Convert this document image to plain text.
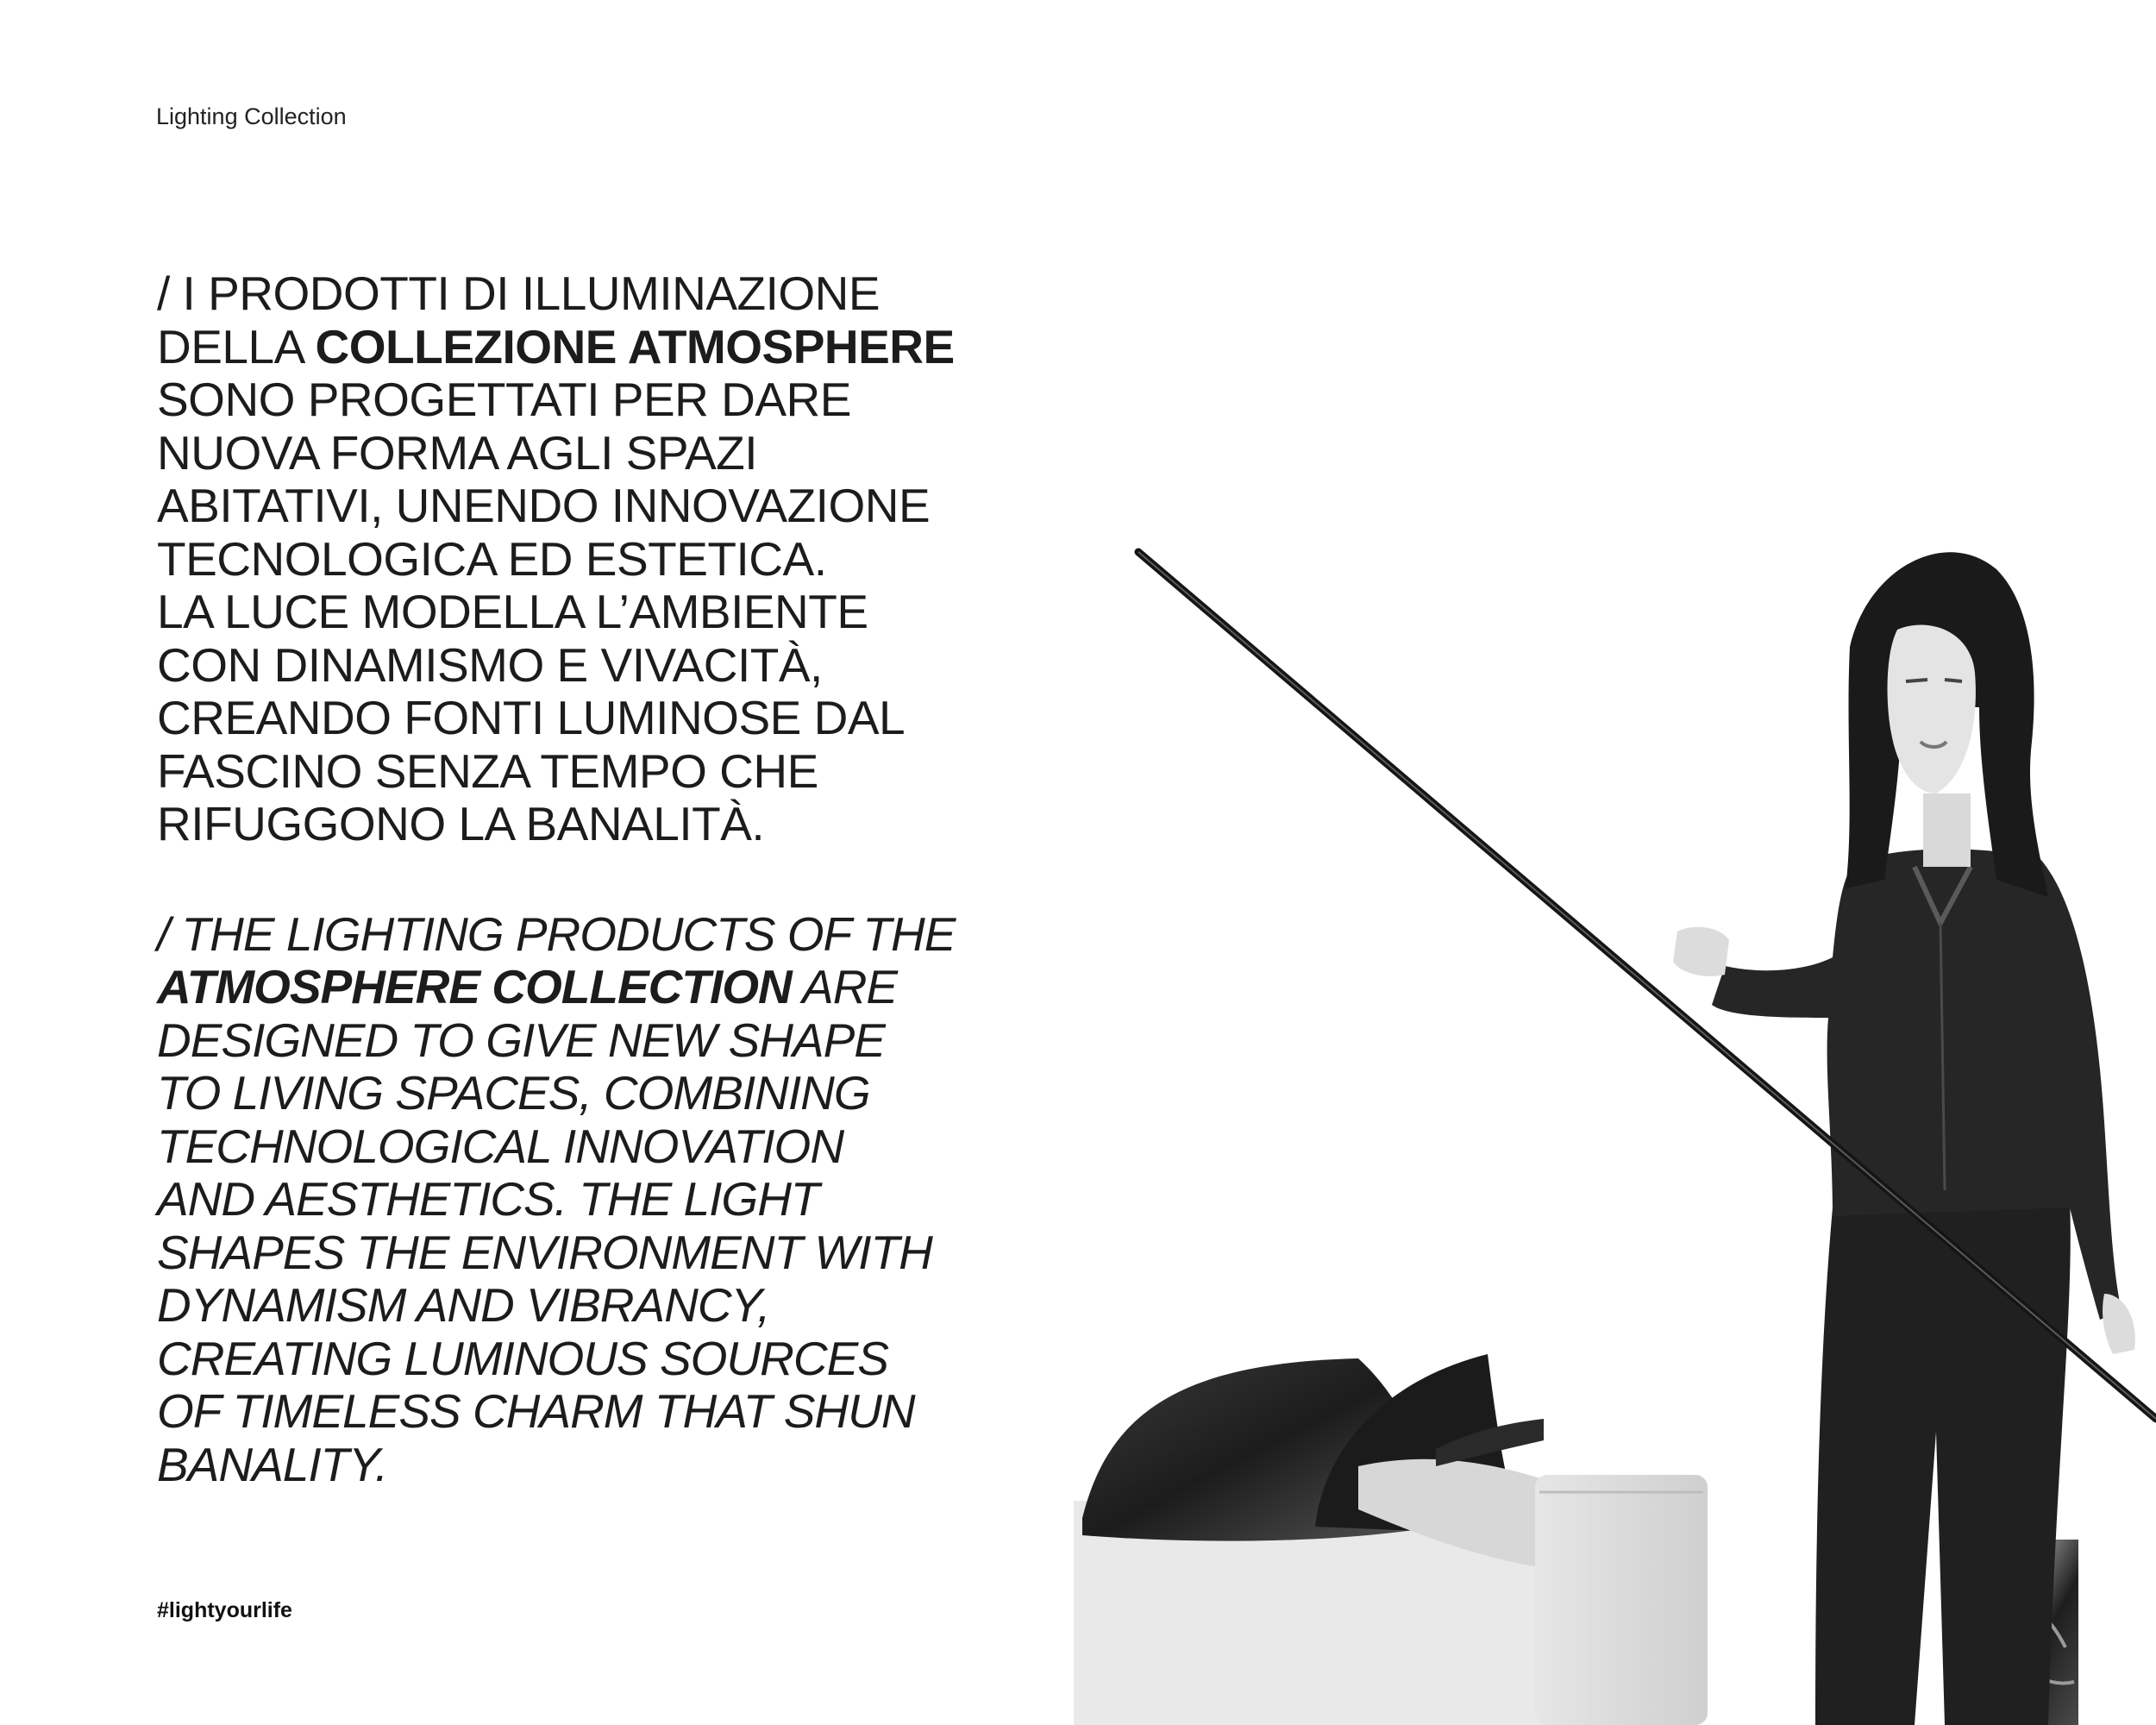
Lighting Collection
/ I PRODOTTI DI ILLUMINAZIONE
DELLA COLLEZIONE ATMOSPHERE
SONO PROGETTATI PER DARE
NUOVA FORMA AGLI SPAZI
ABITATIVI, UNENDO INNOVAZIONE
TECNOLOGICA ED ESTETICA.
LA LUCE MODELLA L’AMBIENTE
CON DINAMISMO E VIVACITÀ,
CREANDO FONTI LUMINOSE DAL
FASCINO SENZA TEMPO CHE
RIFUGGONO LA BANALITÀ.
/ THE LIGHTING PRODUCTS OF THE
ATMOSPHERE COLLECTION ARE
DESIGNED TO GIVE NEW SHAPE
TO LIVING SPACES, COMBINING
TECHNOLOGICAL INNOVATION
AND AESTHETICS. THE LIGHT
SHAPES THE ENVIRONMENT WITH
DYNAMISM AND VIBRANCY,
CREATING LUMINOUS SOURCES
OF TIMELESS CHARM THAT SHUN
BANALITY.
#lightyourlife
